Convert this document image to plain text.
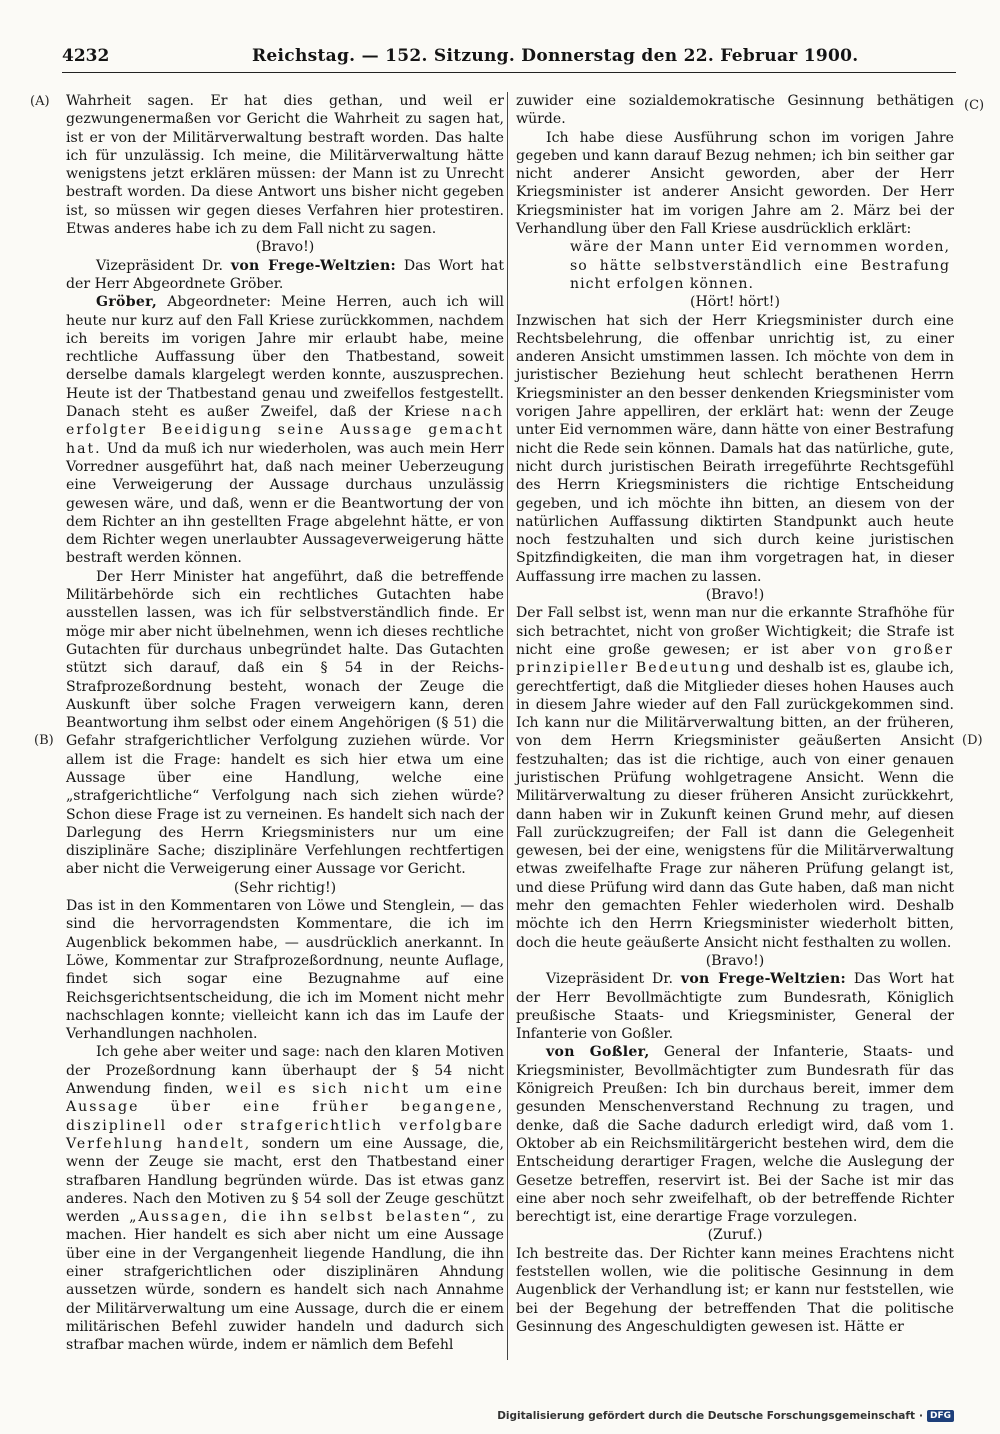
4232	Reichstag. — 152. Sitzung. Donnerstag den 22. Februar 1900.
(A)
(B)
(C)
(D)

Wahrheit sagen. Er hat dies gethan, und weil er gezwungenermaßen vor Gericht die Wahrheit zu sagen hat, ist er von der Militärverwaltung bestraft worden. Das halte ich für unzulässig. Ich meine, die Militärverwaltung hätte wenigstens jetzt erklären müssen: der Mann ist zu Unrecht bestraft worden. Da diese Antwort uns bisher nicht gegeben ist, so müssen wir gegen dieses Verfahren hier protestiren. Etwas anderes habe ich zu dem Fall nicht zu sagen.

(Bravo!)

Vizepräsident Dr. von Frege-Weltzien: Das Wort hat der Herr Abgeordnete Gröber.

Gröber, Abgeordneter: Meine Herren, auch ich will heute nur kurz auf den Fall Kriese zurückkommen, nachdem ich bereits im vorigen Jahre mir erlaubt habe, meine rechtliche Auffassung über den Thatbestand, soweit derselbe damals klargelegt werden konnte, auszusprechen. Heute ist der Thatbestand genau und zweifellos festgestellt. Danach steht es außer Zweifel, daß der Kriese nach erfolgter Beeidigung seine Aussage gemacht hat. Und da muß ich nur wiederholen, was auch mein Herr Vorredner ausgeführt hat, daß nach meiner Ueberzeugung eine Verweigerung der Aussage durchaus unzulässig gewesen wäre, und daß, wenn er die Beantwortung der von dem Richter an ihn gestellten Frage abgelehnt hätte, er von dem Richter wegen unerlaubter Aussageverweigerung hätte bestraft werden können.

Der Herr Minister hat angeführt, daß die betreffende Militärbehörde sich ein rechtliches Gutachten habe ausstellen lassen, was ich für selbstverständlich finde. Er möge mir aber nicht übelnehmen, wenn ich dieses rechtliche Gutachten für durchaus unbegründet halte. Das Gutachten stützt sich darauf, daß ein § 54 in der Reichs-Strafprozeßordnung besteht, wonach der Zeuge die Auskunft über solche Fragen verweigern kann, deren Beantwortung ihm selbst oder einem Angehörigen (§ 51) die Gefahr strafgerichtlicher Verfolgung zuziehen würde. Vor allem ist die Frage: handelt es sich hier etwa um eine Aussage über eine Handlung, welche eine „strafgerichtliche“ Verfolgung nach sich ziehen würde? Schon diese Frage ist zu verneinen. Es handelt sich nach der Darlegung des Herrn Kriegsministers nur um eine disziplinäre Sache; disziplinäre Verfehlungen rechtfertigen aber nicht die Verweigerung einer Aussage vor Gericht.

(Sehr richtig!)

Das ist in den Kommentaren von Löwe und Stenglein, — das sind die hervorragendsten Kommentare, die ich im Augenblick bekommen habe, — ausdrücklich anerkannt. In Löwe, Kommentar zur Strafprozeßordnung, neunte Auflage, findet sich sogar eine Bezugnahme auf eine Reichsgerichtsentscheidung, die ich im Moment nicht mehr nachschlagen konnte; vielleicht kann ich das im Laufe der Verhandlungen nachholen.

Ich gehe aber weiter und sage: nach den klaren Motiven der Prozeßordnung kann überhaupt der § 54 nicht Anwendung finden, weil es sich nicht um eine Aussage über eine früher begangene, disziplinell oder strafgerichtlich verfolgbare Verfehlung handelt, sondern um eine Aussage, die, wenn der Zeuge sie macht, erst den Thatbestand einer strafbaren Handlung begründen würde. Das ist etwas ganz anderes. Nach den Motiven zu § 54 soll der Zeuge geschützt werden „Aussagen, die ihn selbst belasten“, zu machen. Hier handelt es sich aber nicht um eine Aussage über eine in der Vergangenheit liegende Handlung, die ihn einer strafgerichtlichen oder disziplinären Ahndung aussetzen würde, sondern es handelt sich nach Annahme der Militärverwaltung um eine Aussage, durch die er einem militärischen Befehl zuwider handeln und dadurch sich strafbar machen würde, indem er nämlich dem Befehl

zuwider eine sozialdemokratische Gesinnung bethätigen würde.

Ich habe diese Ausführung schon im vorigen Jahre gegeben und kann darauf Bezug nehmen; ich bin seither gar nicht anderer Ansicht geworden, aber der Herr Kriegsminister ist anderer Ansicht geworden. Der Herr Kriegsminister hat im vorigen Jahre am 2. März bei der Verhandlung über den Fall Kriese ausdrücklich erklärt:

wäre der Mann unter Eid vernommen worden, so hätte selbstverständlich eine Bestrafung nicht erfolgen können.

(Hört! hört!)

Inzwischen hat sich der Herr Kriegsminister durch eine Rechtsbelehrung, die offenbar unrichtig ist, zu einer anderen Ansicht umstimmen lassen. Ich möchte von dem in juristischer Beziehung heut schlecht berathenen Herrn Kriegsminister an den besser denkenden Kriegsminister vom vorigen Jahre appelliren, der erklärt hat: wenn der Zeuge unter Eid vernommen wäre, dann hätte von einer Bestrafung nicht die Rede sein können. Damals hat das natürliche, gute, nicht durch juristischen Beirath irregeführte Rechtsgefühl des Herrn Kriegsministers die richtige Entscheidung gegeben, und ich möchte ihn bitten, an diesem von der natürlichen Auffassung diktirten Standpunkt auch heute noch festzuhalten und sich durch keine juristischen Spitzfindigkeiten, die man ihm vorgetragen hat, in dieser Auffassung irre machen zu lassen.

(Bravo!)

Der Fall selbst ist, wenn man nur die erkannte Strafhöhe für sich betrachtet, nicht von großer Wichtigkeit; die Strafe ist nicht eine große gewesen; er ist aber von großer prinzipieller Bedeutung und deshalb ist es, glaube ich, gerechtfertigt, daß die Mitglieder dieses hohen Hauses auch in diesem Jahre wieder auf den Fall zurückgekommen sind. Ich kann nur die Militärverwaltung bitten, an der früheren, von dem Herrn Kriegsminister geäußerten Ansicht festzuhalten; das ist die richtige, auch von einer genauen juristischen Prüfung wohlgetragene Ansicht. Wenn die Militärverwaltung zu dieser früheren Ansicht zurückkehrt, dann haben wir in Zukunft keinen Grund mehr, auf diesen Fall zurückzugreifen; der Fall ist dann die Gelegenheit gewesen, bei der eine, wenigstens für die Militärverwaltung etwas zweifelhafte Frage zur näheren Prüfung gelangt ist, und diese Prüfung wird dann das Gute haben, daß man nicht mehr den gemachten Fehler wiederholen wird. Deshalb möchte ich den Herrn Kriegsminister wiederholt bitten, doch die heute geäußerte Ansicht nicht festhalten zu wollen.

(Bravo!)

Vizepräsident Dr. von Frege-Weltzien: Das Wort hat der Herr Bevollmächtigte zum Bundesrath, Königlich preußische Staats- und Kriegsminister, General der Infanterie von Goßler.

von Goßler, General der Infanterie, Staats- und Kriegsminister, Bevollmächtigter zum Bundesrath für das Königreich Preußen: Ich bin durchaus bereit, immer dem gesunden Menschenverstand Rechnung zu tragen, und denke, daß die Sache dadurch erledigt wird, daß vom 1. Oktober ab ein Reichsmilitärgericht bestehen wird, dem die Entscheidung derartiger Fragen, welche die Auslegung der Gesetze betreffen, reservirt ist. Bei der Sache ist mir das eine aber noch sehr zweifelhaft, ob der betreffende Richter berechtigt ist, eine derartige Frage vorzulegen.

(Zuruf.)

Ich bestreite das. Der Richter kann meines Erachtens nicht feststellen wollen, wie die politische Gesinnung in dem Augenblick der Verhandlung ist; er kann nur feststellen, wie bei der Begehung der betreffenden That die politische Gesinnung des Angeschuldigten gewesen ist. Hätte er

Digitalisierung gefördert durch die Deutsche Forschungsgemeinschaft · DFG
